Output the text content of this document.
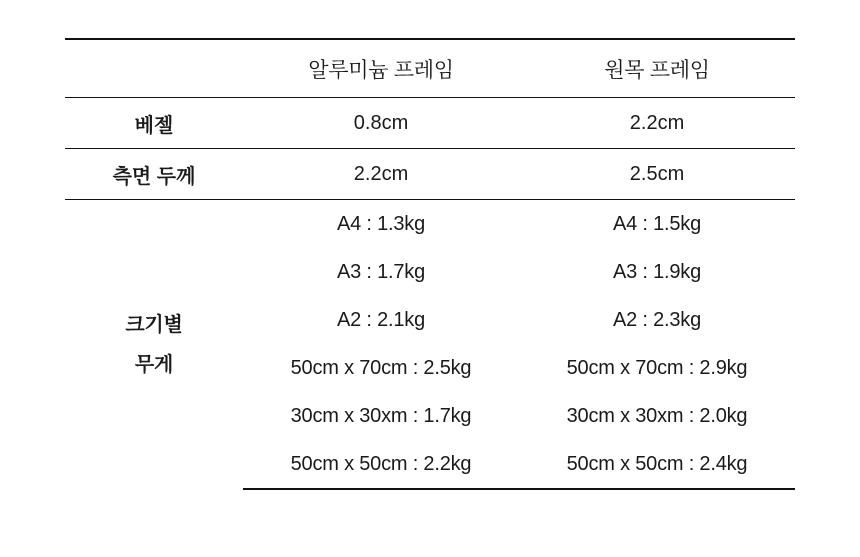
	알루미늄 프레임	원목 프레임
베젤	0.8cm	2.2cm
측면 두께	2.2cm	2.5cm

크기별
무게	A4 : 1.3kg	A4 : 1.5kg
	A3 : 1.7kg	A3 : 1.9kg
	A2 : 2.1kg	A2 : 2.3kg
	50cm x 70cm : 2.5kg	50cm x 70cm : 2.9kg
	30cm x 30xm : 1.7kg	30cm x 30xm : 2.0kg
	50cm x 50cm : 2.2kg	50cm x 50cm : 2.4kg
